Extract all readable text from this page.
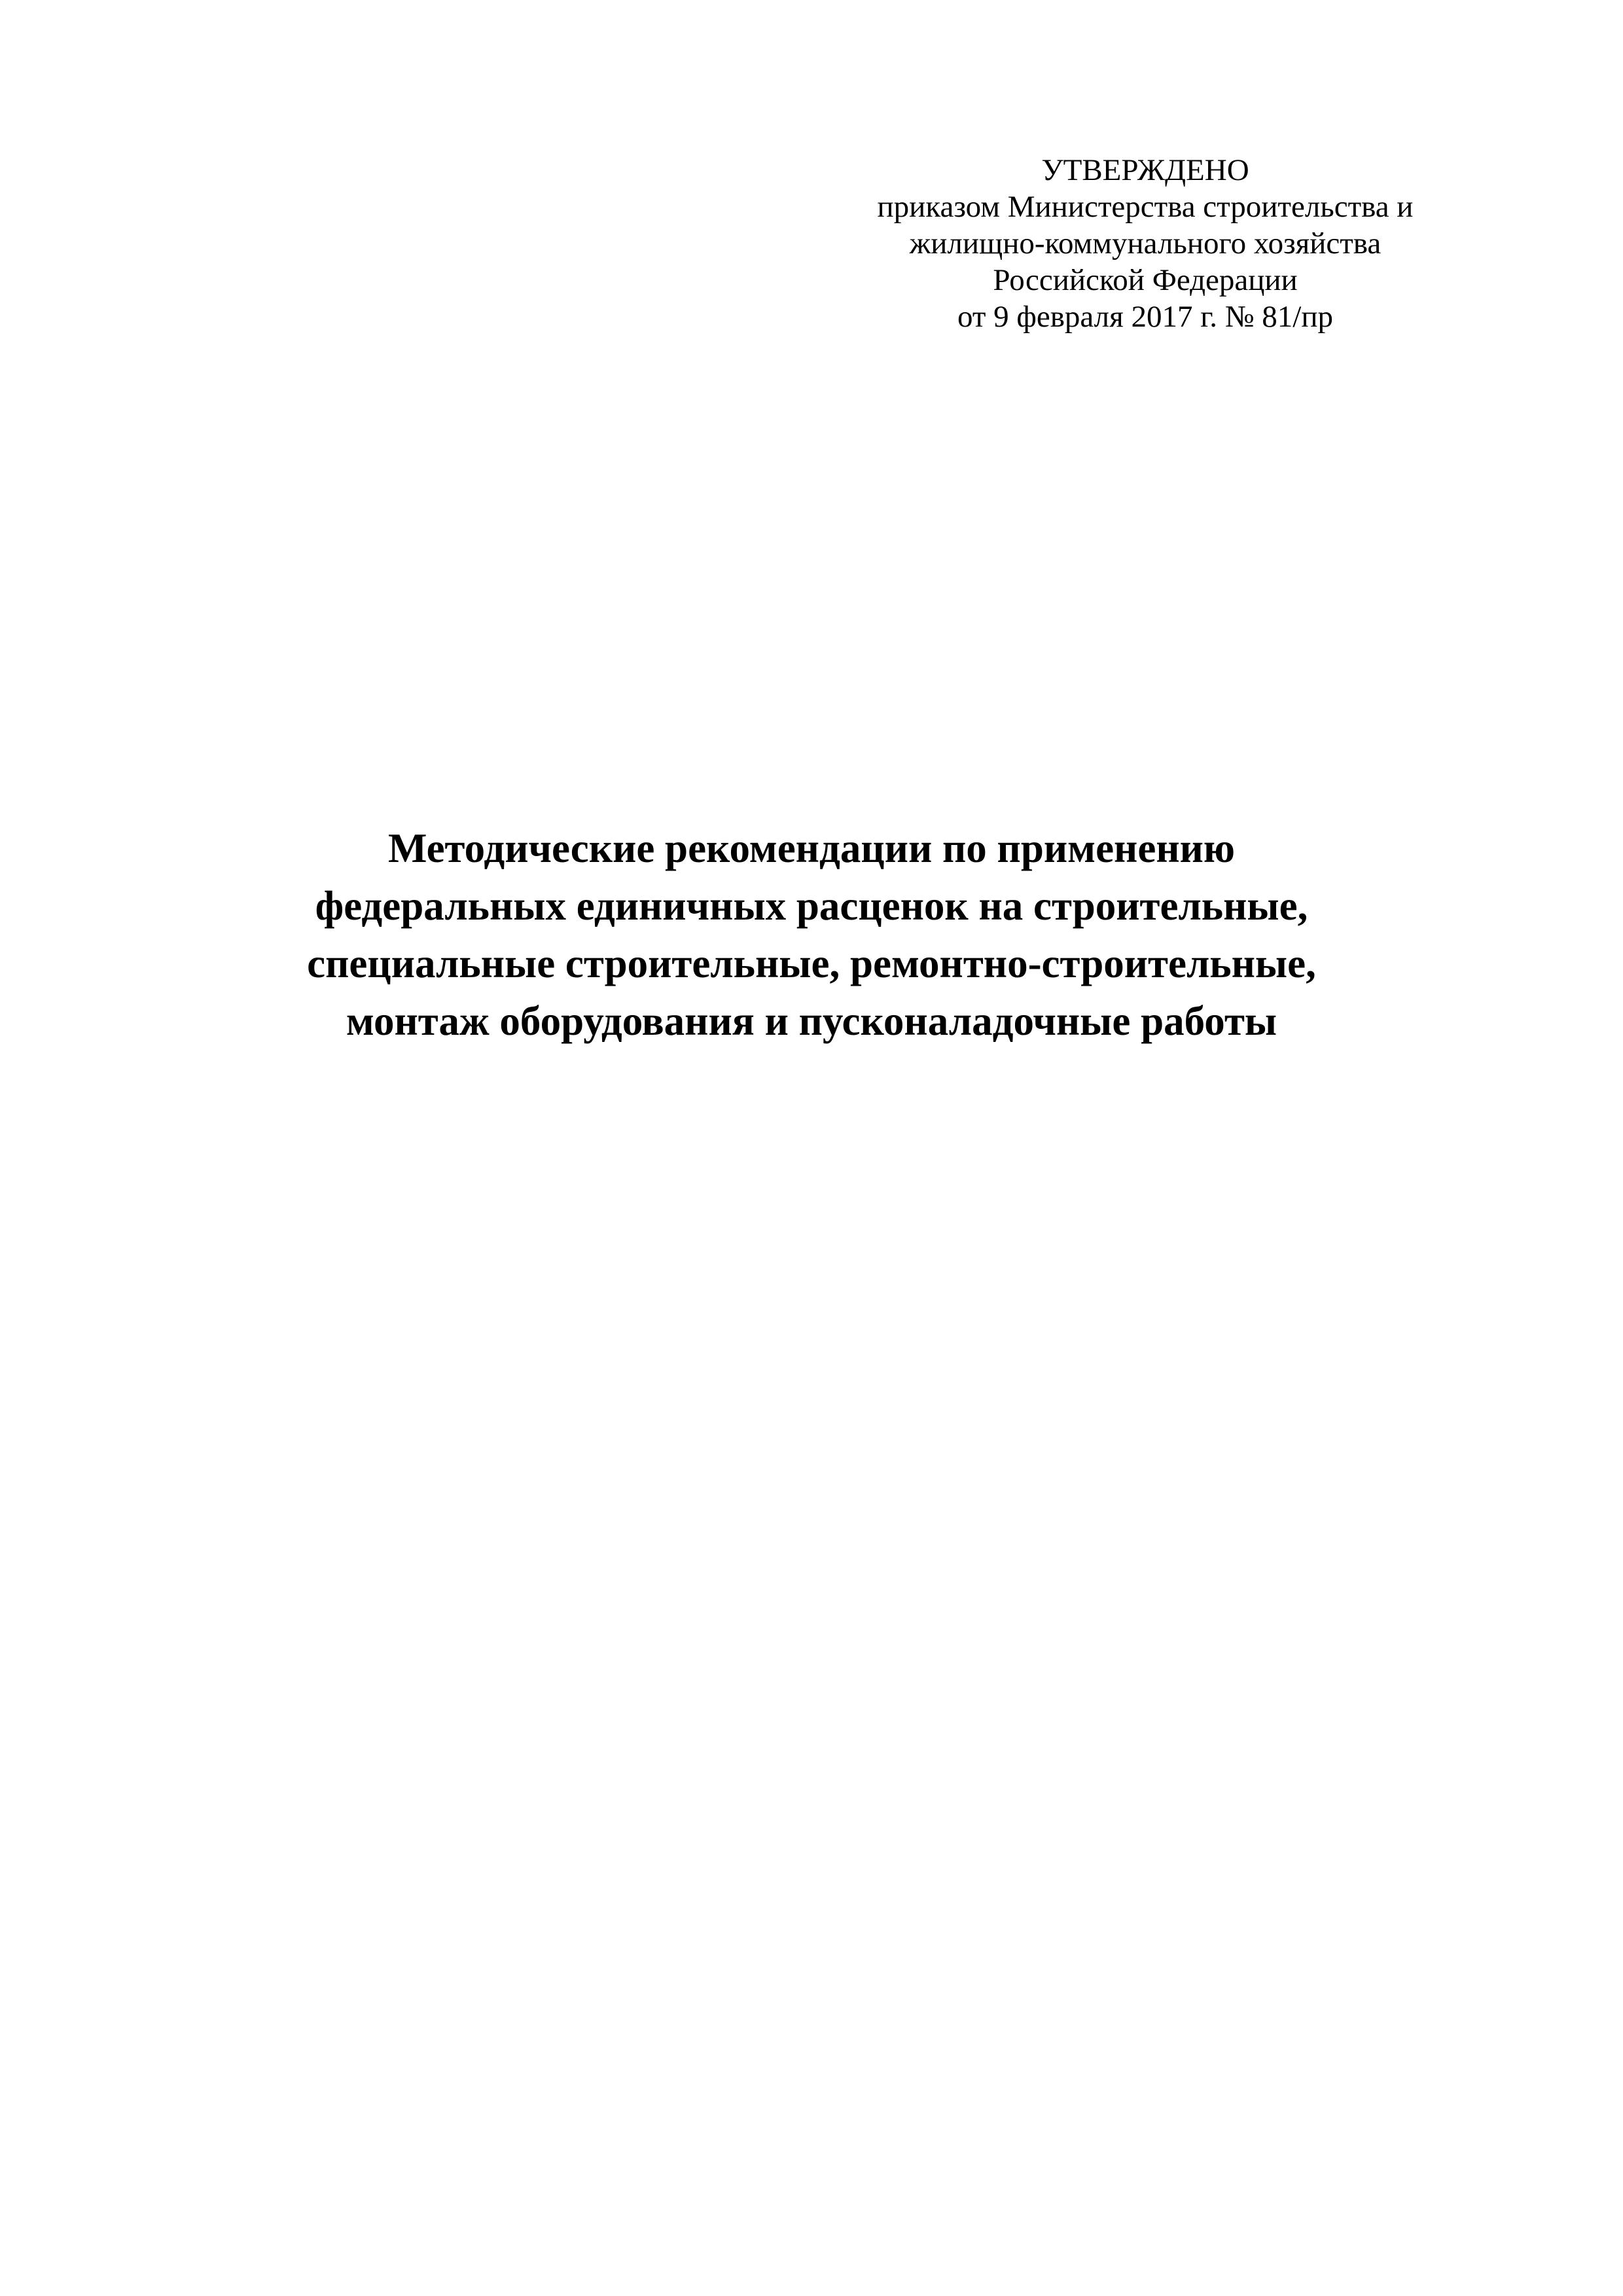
УТВЕРЖДЕНО
приказом Министерства строительства и
жилищно-коммунального хозяйства
Российской Федерации
от 9 февраля 2017 г. № 81/пр
Методические рекомендации по применению
федеральных единичных расценок на строительные,
специальные строительные, ремонтно-строительные,
монтаж оборудования и пусконаладочные работы
